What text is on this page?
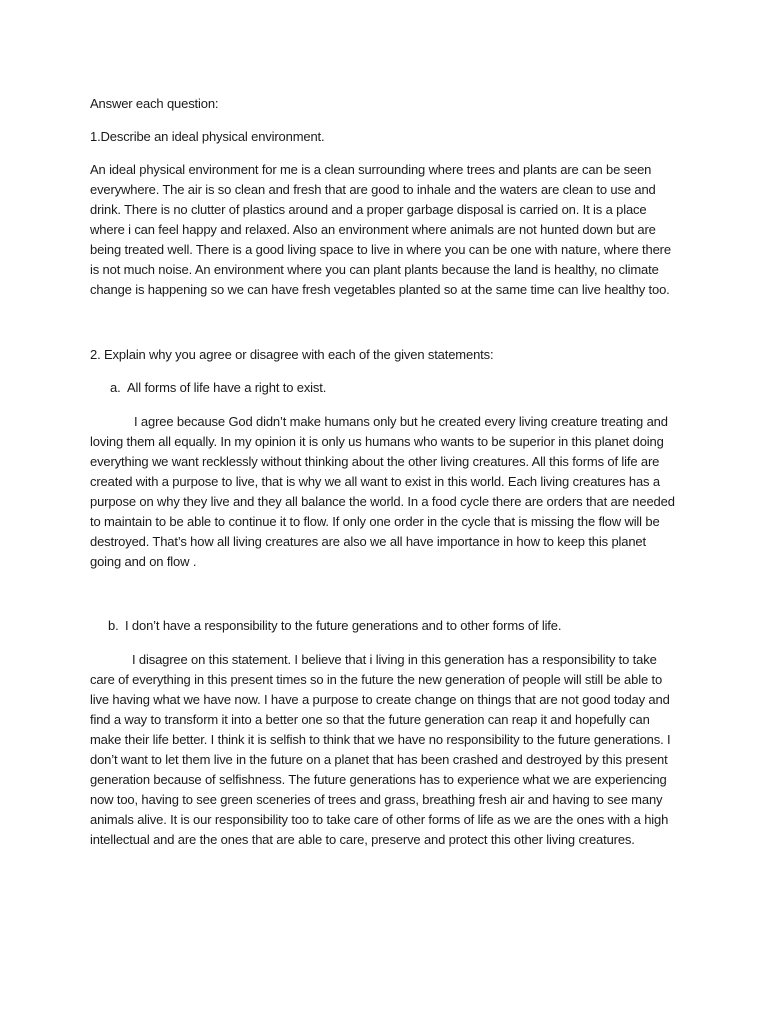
Answer each question:

1.Describe an ideal physical environment.

An ideal physical environment for me is a clean surrounding where trees and plants are can be seen everywhere. The air is so clean and fresh that are good to inhale and the waters are clean to use and drink. There is no clutter of plastics around and a proper garbage disposal is carried on. It is a place where i can feel happy and relaxed. Also an environment where animals are not hunted down but are being treated well. There is a good living space to live in where you can be one with nature, where there is not much noise. An environment where you can plant plants because the land is healthy, no climate change is happening so we can have fresh vegetables planted so at the same time can live healthy too.

2. Explain why you agree or disagree with each of the given statements:

a. All forms of life have a right to exist.

I agree because God didn’t make humans only but he created every living creature treating and loving them all equally. In my opinion it is only us humans who wants to be superior in this planet doing everything we want recklessly without thinking about the other living creatures. All this forms of life are created with a purpose to live, that is why we all want to exist in this world. Each living creatures has a purpose on why they live and they all balance the world. In a food cycle there are orders that are needed to maintain to be able to continue it to flow. If only one order in the cycle that is missing the flow will be destroyed. That’s how all living creatures are also we all have importance in how to keep this planet going and on flow .

b. I don’t have a responsibility to the future generations and to other forms of life.

I disagree on this statement. I believe that i living in this generation has a responsibility to take care of everything in this present times so in the future the new generation of people will still be able to live having what we have now. I have a purpose to create change on things that are not good today and find a way to transform it into a better one so that the future generation can reap it and hopefully can make their life better. I think it is selfish to think that we have no responsibility to the future generations. I don’t want to let them live in the future on a planet that has been crashed and destroyed by this present generation because of selfishness. The future generations has to experience what we are experiencing now too, having to see green sceneries of trees and grass, breathing fresh air and having to see many animals alive. It is our responsibility too to take care of other forms of life as we are the ones with a high intellectual and are the ones that are able to care, preserve and protect this other living creatures.
